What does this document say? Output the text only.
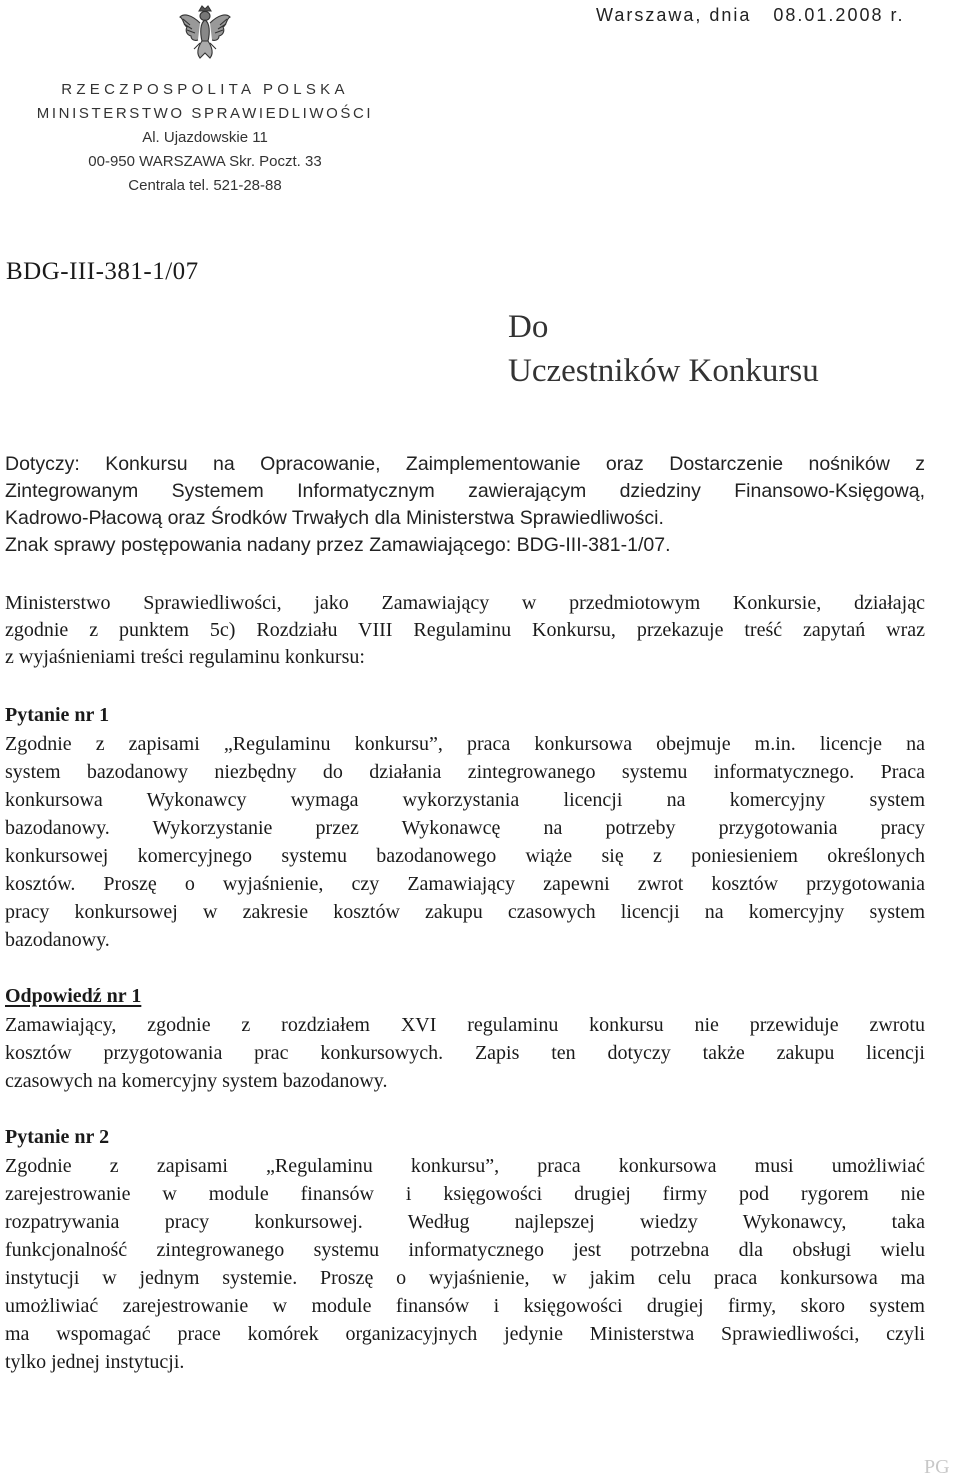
Warszawa, dnia 08.01.2008 r.
RZECZPOSPOLITA POLSKA
MINISTERSTWO SPRAWIEDLIWOŚCI
Al. Ujazdowskie 11
00-950 WARSZAWA Skr. Poczt. 33
Centrala tel. 521-28-88
BDG-III-381-1/07
Do
Uczestników Konkursu
Dotyczy: Konkursu na Opracowanie, Zaimplementowanie oraz Dostarczenie nośników z
Zintegrowanym Systemem Informatycznym zawierającym dziedziny Finansowo-Księgową,
Kadrowo-Płacową oraz Środków Trwałych dla Ministerstwa Sprawiedliwości.
Znak sprawy postępowania nadany przez Zamawiającego: BDG-III-381-1/07.
Ministerstwo Sprawiedliwości, jako Zamawiający w przedmiotowym Konkursie, działając
zgodnie z punktem 5c) Rozdziału VIII Regulaminu Konkursu, przekazuje treść zapytań wraz
z wyjaśnieniami treści regulaminu konkursu:
Pytanie nr 1
Zgodnie z zapisami „Regulaminu konkursu”, praca konkursowa obejmuje m.in. licencje na
system bazodanowy niezbędny do działania zintegrowanego systemu informatycznego. Praca
konkursowa Wykonawcy wymaga wykorzystania licencji na komercyjny system
bazodanowy. Wykorzystanie przez Wykonawcę na potrzeby przygotowania pracy
konkursowej komercyjnego systemu bazodanowego wiąże się z poniesieniem określonych
kosztów. Proszę o wyjaśnienie, czy Zamawiający zapewni zwrot kosztów przygotowania
pracy konkursowej w zakresie kosztów zakupu czasowych licencji na komercyjny system
bazodanowy.
Odpowiedź nr 1
Zamawiający, zgodnie z rozdziałem XVI regulaminu konkursu nie przewiduje zwrotu
kosztów przygotowania prac konkursowych. Zapis ten dotyczy także zakupu licencji
czasowych na komercyjny system bazodanowy.
Pytanie nr 2
Zgodnie z zapisami „Regulaminu konkursu”, praca konkursowa musi umożliwiać
zarejestrowanie w module finansów i księgowości drugiej firmy pod rygorem nie
rozpatrywania pracy konkursowej. Według najlepszej wiedzy Wykonawcy, taka
funkcjonalność zintegrowanego systemu informatycznego jest potrzebna dla obsługi wielu
instytucji w jednym systemie. Proszę o wyjaśnienie, w jakim celu praca konkursowa ma
umożliwiać zarejestrowanie w module finansów i księgowości drugiej firmy, skoro system
ma wspomagać prace komórek organizacyjnych jedynie Ministerstwa Sprawiedliwości, czyli
tylko jednej instytucji.
PG
